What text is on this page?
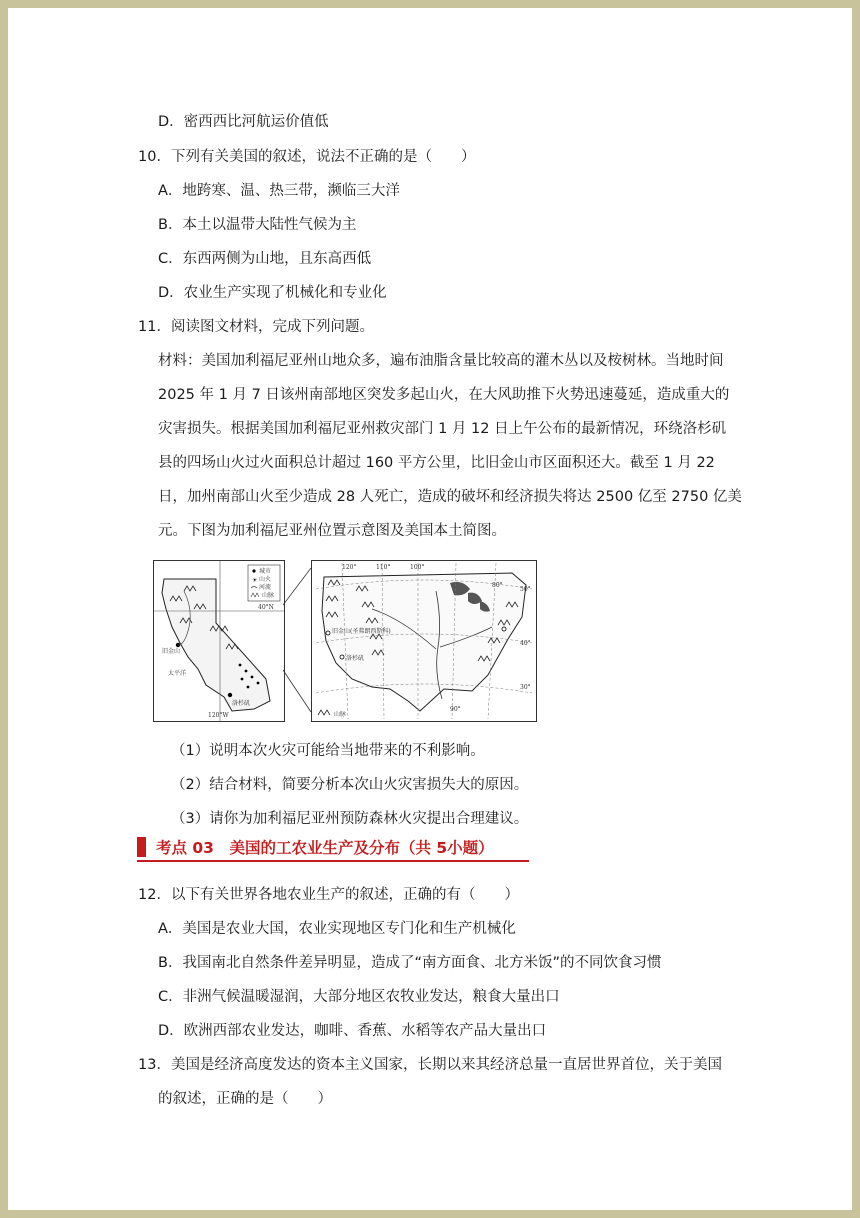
D．密西西比河航运价值低
10．下列有关美国的叙述，说法不正确的是（　　）
A．地跨寒、温、热三带，濒临三大洋
B．本土以温带大陆性气候为主
C．东西两侧为山地，且东高西低
D．农业生产实现了机械化和专业化
11．阅读图文材料，完成下列问题。
材料：美国加利福尼亚州山地众多，遍布油脂含量比较高的灌木丛以及桉树林。当地时间
2025 年 1 月 7 日该州南部地区突发多起山火，在大风助推下火势迅速蔓延，造成重大的
灾害损失。根据美国加利福尼亚州救灾部门 1 月 12 日上午公布的最新情况，环绕洛杉矶
县的四场山火过火面积总计超过 160 平方公里，比旧金山市区面积还大。截至 1 月 22
日，加州南部山火至少造成 28 人死亡，造成的破坏和经济损失将达 2500 亿至 2750 亿美
元。下图为加利福尼亚州位置示意图及美国本土简图。
城市
☀ 山火
河流
山脉
40°N
120°W
旧金山
太平洋
洛杉矶
120°	110°	100°
90°
80°
50°
40°
30°
旧金山(圣弗朗西斯科)
洛杉矶
山脉
（1）说明本次火灾可能给当地带来的不利影响。
（2）结合材料，简要分析本次山火灾害损失大的原因。
（3）请你为加利福尼亚州预防森林火灾提出合理建议。
考点 03　美国的工农业生产及分布（共 5小题）
12．以下有关世界各地农业生产的叙述，正确的有（　　）
A．美国是农业大国，农业实现地区专门化和生产机械化
B．我国南北自然条件差异明显，造成了“南方面食、北方米饭”的不同饮食习惯
C．非洲气候温暖湿润，大部分地区农牧业发达，粮食大量出口
D．欧洲西部农业发达，咖啡、香蕉、水稻等农产品大量出口
13．美国是经济高度发达的资本主义国家，长期以来其经济总量一直居世界首位，关于美国
的叙述，正确的是（　　）
